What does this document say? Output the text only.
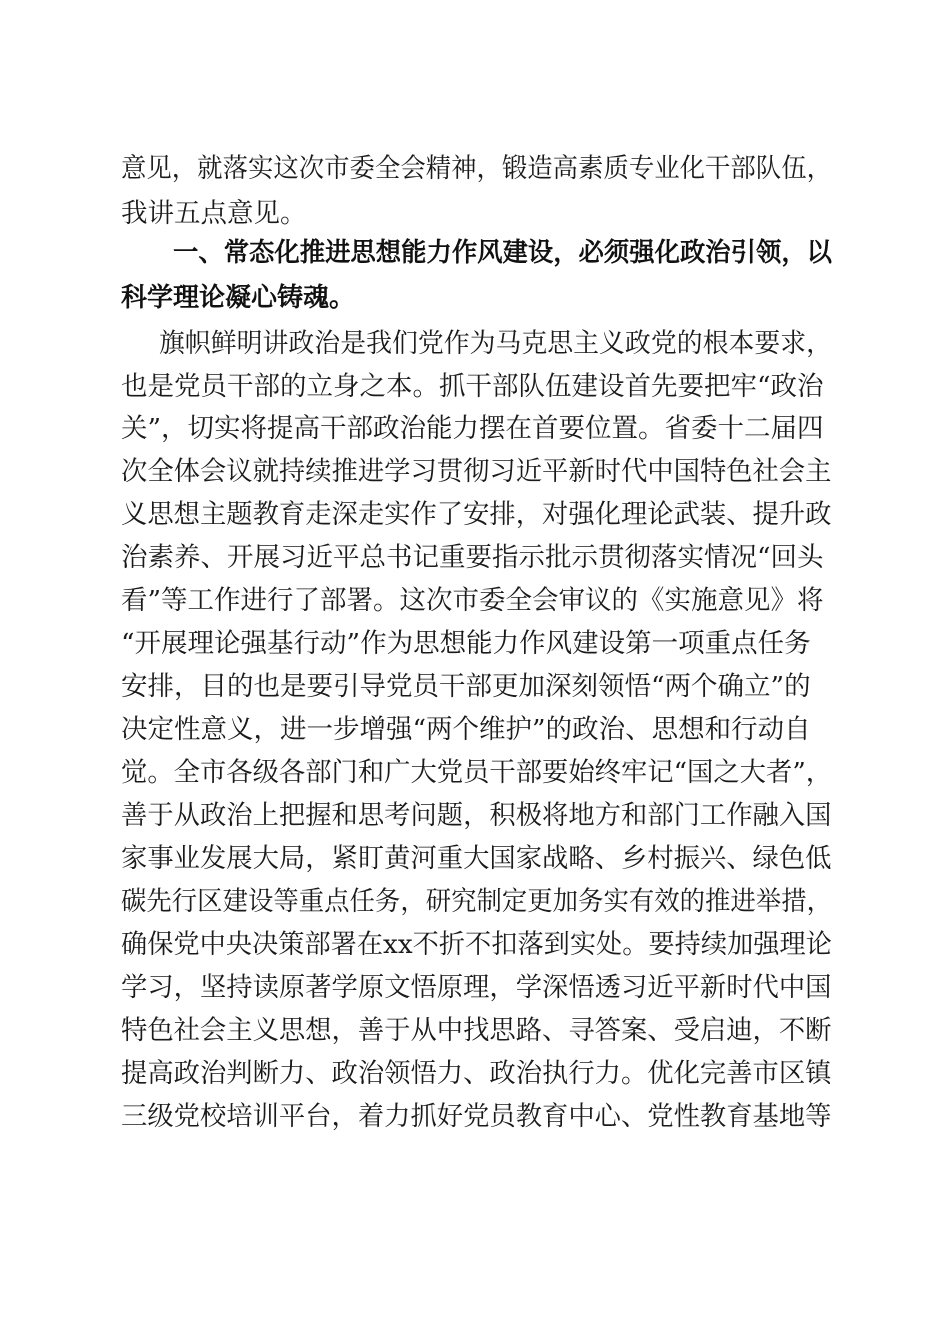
意见，就落实这次市委全会精神，锻造高素质专业化干部队伍，
我讲五点意见。
一、常态化推进思想能力作风建设，必须强化政治引领，以
科学理论凝心铸魂。
旗帜鲜明讲政治是我们党作为马克思主义政党的根本要求，
也是党员干部的立身之本。抓干部队伍建设首先要把牢“政治
关”，切实将提高干部政治能力摆在首要位置。省委十二届四
次全体会议就持续推进学习贯彻习近平新时代中国特色社会主
义思想主题教育走深走实作了安排，对强化理论武装、提升政
治素养、开展习近平总书记重要指示批示贯彻落实情况“回头
看”等工作进行了部署。这次市委全会审议的《实施意见》将
“开展理论强基行动”作为思想能力作风建设第一项重点任务
安排，目的也是要引导党员干部更加深刻领悟“两个确立”的
决定性意义，进一步增强“两个维护”的政治、思想和行动自
觉。全市各级各部门和广大党员干部要始终牢记“国之大者”，
善于从政治上把握和思考问题，积极将地方和部门工作融入国
家事业发展大局，紧盯黄河重大国家战略、乡村振兴、绿色低
碳先行区建设等重点任务，研究制定更加务实有效的推进举措，
确保党中央决策部署在xx不折不扣落到实处。要持续加强理论
学习，坚持读原著学原文悟原理，学深悟透习近平新时代中国
特色社会主义思想，善于从中找思路、寻答案、受启迪，不断
提高政治判断力、政治领悟力、政治执行力。优化完善市区镇
三级党校培训平台，着力抓好党员教育中心、党性教育基地等
